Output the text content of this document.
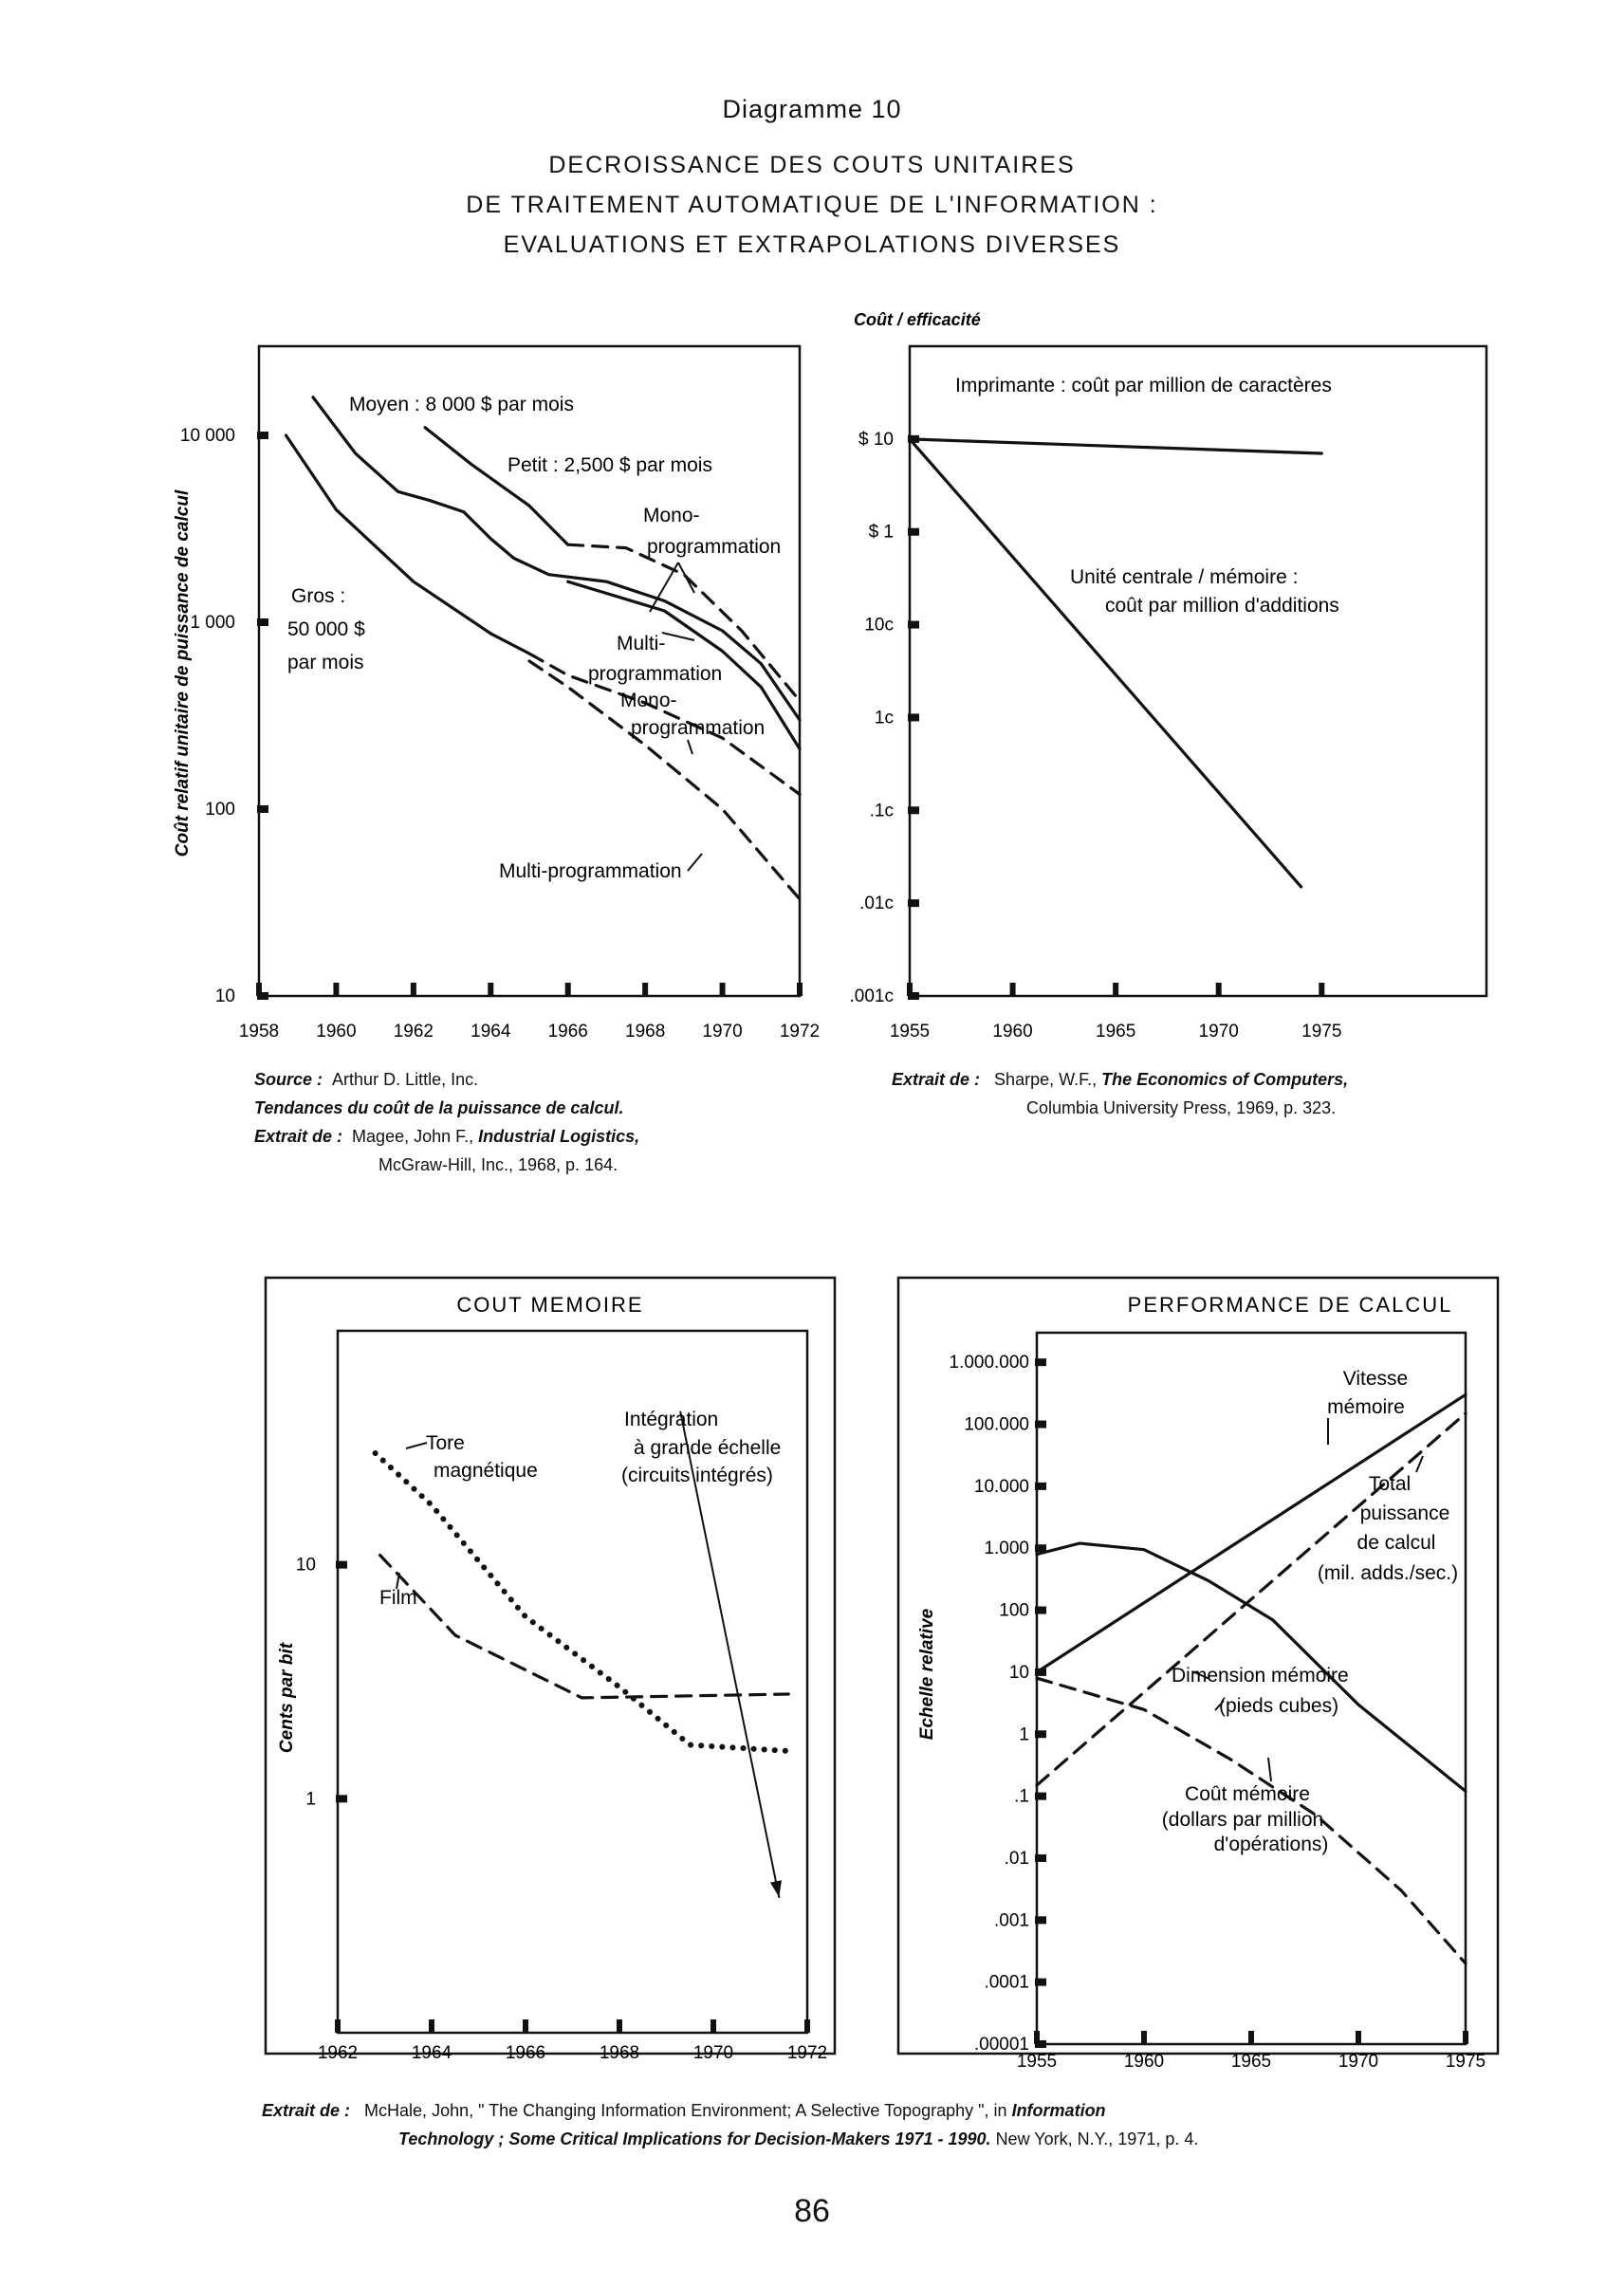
Diagramme 10
DECROISSANCE DES COUTS UNITAIRES
DE TRAITEMENT AUTOMATIQUE DE L'INFORMATION :
EVALUATIONS ET EXTRAPOLATIONS DIVERSES
Coût relatif unitaire de puissance de calcul
10 000
1 000
100
10
1958 1960 1962 1964 1966 1968 1970 1972
Moyen : 8 000 $ par mois
Petit : 2,500 $ par mois
Gros :
50 000 $
par mois
Mono-
programmation
Multi-
programmation
Mono-
programmation
Multi-programmation
Coût / efficacité
$ 10
$ 1
10c
1c
.1c
.01c
.001c
1955	1960	1965	1970	1975
Imprimante : coût par million de caractères
Unité centrale / mémoire :
coût par million d'additions
Source : Arthur D. Little, Inc.
Tendances du coût de la puissance de calcul.
Extrait de : Magee, John F., Industrial Logistics,
McGraw-Hill, Inc., 1968, p. 164.
Extrait de : Sharpe, W.F., The Economics of Computers,
Columbia University Press, 1969, p. 323.
COUT MEMOIRE
Cents par bit
10
1
1962	1964	1966	1968	1970	1972
Tore
magnétique
Film
Intégration
à grande échelle
(circuits intégrés)
PERFORMANCE DE CALCUL
Echelle relative
1.000.000
100.000
10.000
1.000
100
10
1
.1
.01
.001
.0001
.00001
1955	1960	1965	1970	1975
Vitesse
mémoire
Total
puissance
de calcul
(mil. adds./sec.)
Dimension mémoire
(pieds cubes)
Coût mémoire
(dollars par million
d'opérations)
Extrait de : McHale, John, " The Changing Information Environment; A Selective Topography ", in Information
Technology ; Some Critical Implications for Decision-Makers 1971 - 1990. New York, N.Y., 1971, p. 4.
86
